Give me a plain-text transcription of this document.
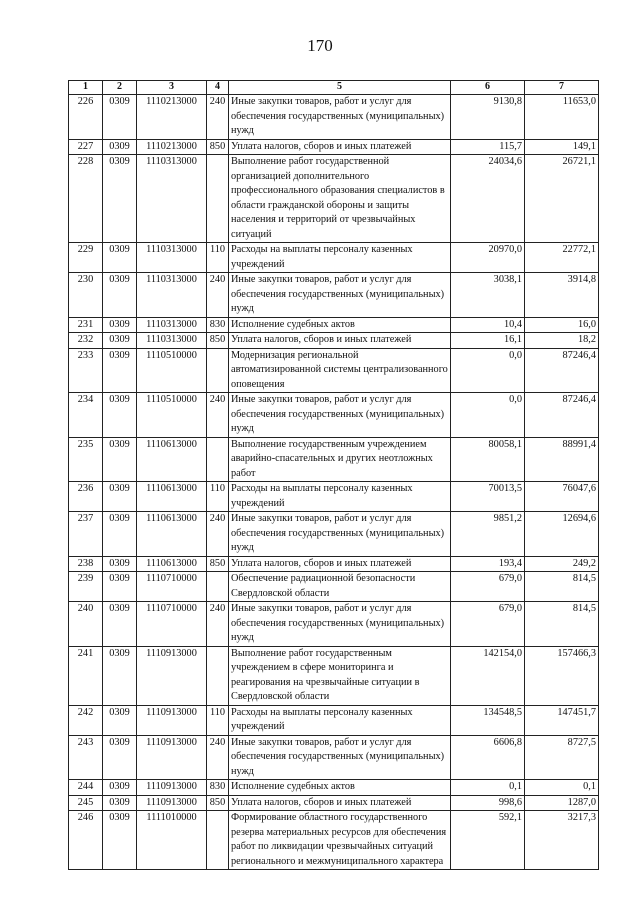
170
1	2	3	4	5	6	7
226	0309	1110213000	240	Иные закупки товаров, работ и услуг для обеспечения государственных (муниципальных) нужд	9130,8	11653,0
227	0309	1110213000	850	Уплата налогов, сборов и иных платежей	115,7	149,1
228	0309	1110313000		Выполнение работ государственной организацией дополнительного профессионального образования специалистов в области гражданской обороны и защиты населения и территорий от чрезвычайных ситуаций	24034,6	26721,1
229	0309	1110313000	110	Расходы на выплаты персоналу казенных учреждений	20970,0	22772,1
230	0309	1110313000	240	Иные закупки товаров, работ и услуг для обеспечения государственных (муниципальных) нужд	3038,1	3914,8
231	0309	1110313000	830	Исполнение судебных актов	10,4	16,0
232	0309	1110313000	850	Уплата налогов, сборов и иных платежей	16,1	18,2
233	0309	1110510000		Модернизация региональной автоматизированной системы централизованного оповещения	0,0	87246,4
234	0309	1110510000	240	Иные закупки товаров, работ и услуг для обеспечения государственных (муниципальных) нужд	0,0	87246,4
235	0309	1110613000		Выполнение государственным учреждением аварийно-спасательных и других неотложных работ	80058,1	88991,4
236	0309	1110613000	110	Расходы на выплаты персоналу казенных учреждений	70013,5	76047,6
237	0309	1110613000	240	Иные закупки товаров, работ и услуг для обеспечения государственных (муниципальных) нужд	9851,2	12694,6
238	0309	1110613000	850	Уплата налогов, сборов и иных платежей	193,4	249,2
239	0309	1110710000		Обеспечение радиационной безопасности Свердловской области	679,0	814,5
240	0309	1110710000	240	Иные закупки товаров, работ и услуг для обеспечения государственных (муниципальных) нужд	679,0	814,5
241	0309	1110913000		Выполнение работ государственным учреждением в сфере мониторинга и реагирования на чрезвычайные ситуации в Свердловской области	142154,0	157466,3
242	0309	1110913000	110	Расходы на выплаты персоналу казенных учреждений	134548,5	147451,7
243	0309	1110913000	240	Иные закупки товаров, работ и услуг для обеспечения государственных (муниципальных) нужд	6606,8	8727,5
244	0309	1110913000	830	Исполнение судебных актов	0,1	0,1
245	0309	1110913000	850	Уплата налогов, сборов и иных платежей	998,6	1287,0
246	0309	1111010000		Формирование областного государственного резерва материальных ресурсов для обеспечения работ по ликвидации чрезвычайных ситуаций регионального и межмуниципального характера	592,1	3217,3
